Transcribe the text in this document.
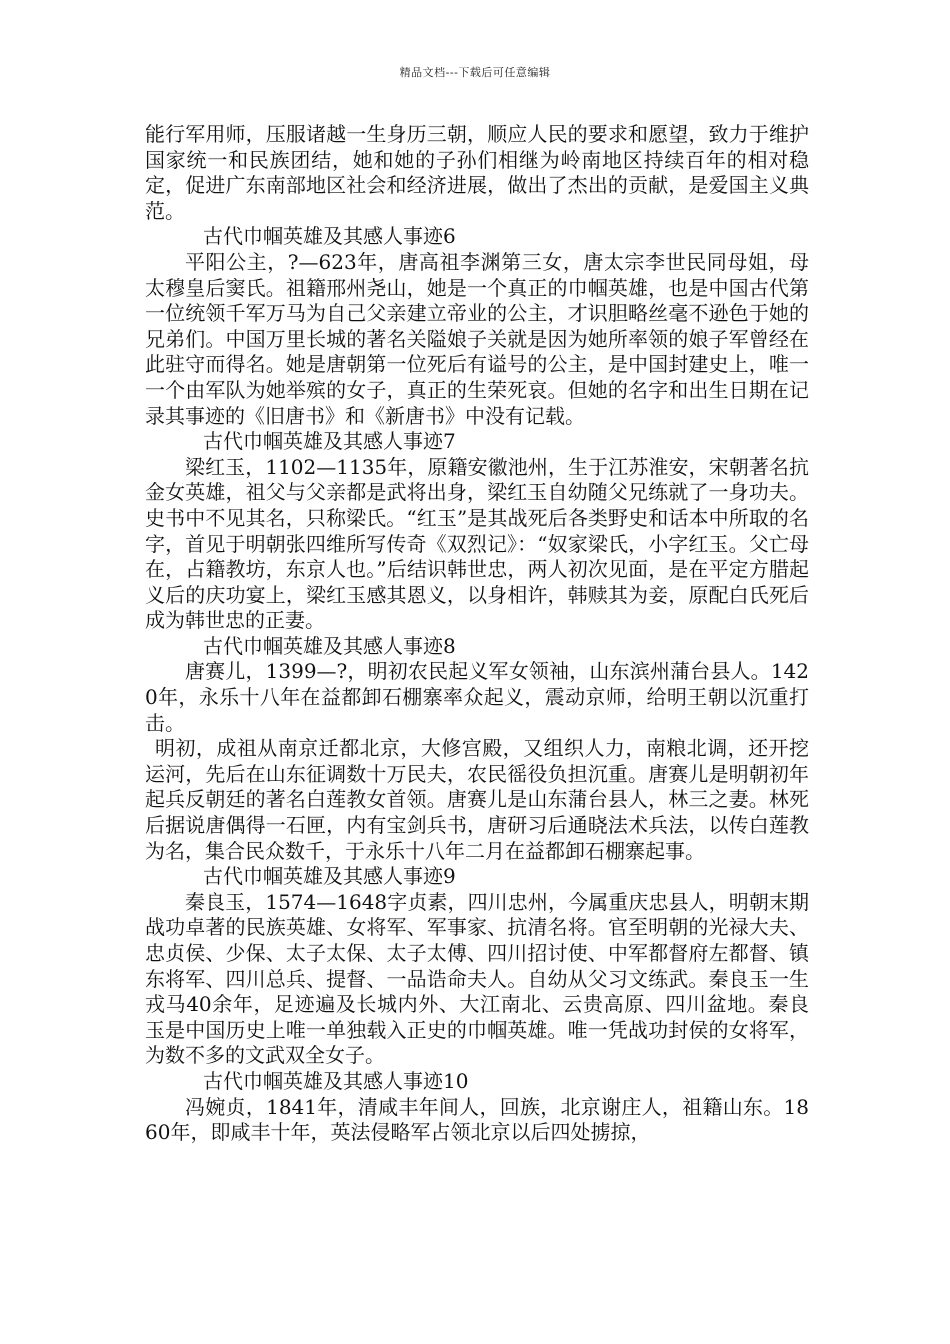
精品文档---下载后可任意编辑

能行军用师，压服诸越一生身历三朝，顺应人民的要求和愿望，致力于维护国家统一和民族团结，她和她的子孙们相继为岭南地区持续百年的相对稳定，促进广东南部地区社会和经济进展，做出了杰出的贡献，是爱国主义典范。

古代巾帼英雄及其感人事迹6

平阳公主，?—623年，唐高祖李渊第三女，唐太宗李世民同母姐，母太穆皇后窦氏。祖籍邢州尧山，她是一个真正的巾帼英雄，也是中国古代第一位统领千军万马为自己父亲建立帝业的公主，才识胆略丝毫不逊色于她的兄弟们。中国万里长城的著名关隘娘子关就是因为她所率领的娘子军曾经在此驻守而得名。她是唐朝第一位死后有谥号的公主，是中国封建史上，唯一一个由军队为她举殡的女子，真正的生荣死哀。但她的名字和出生日期在记录其事迹的《旧唐书》和《新唐书》中没有记载。

古代巾帼英雄及其感人事迹7

梁红玉，1102—1135年，原籍安徽池州，生于江苏淮安，宋朝著名抗金女英雄，祖父与父亲都是武将出身，梁红玉自幼随父兄练就了一身功夫。史书中不见其名，只称梁氏。“红玉”是其战死后各类野史和话本中所取的名字，首见于明朝张四维所写传奇《双烈记》：“奴家梁氏，小字红玉。父亡母在，占籍教坊，东京人也。”后结识韩世忠，两人初次见面，是在平定方腊起义后的庆功宴上，梁红玉感其恩义，以身相许，韩赎其为妾，原配白氏死后成为韩世忠的正妻。

古代巾帼英雄及其感人事迹8

唐赛儿，1399—?，明初农民起义军女领袖，山东滨州蒲台县人。1420年，永乐十八年在益都卸石棚寨率众起义，震动京师，给明王朝以沉重打击。

明初，成祖从南京迁都北京，大修宫殿，又组织人力，南粮北调，还开挖运河，先后在山东征调数十万民夫，农民徭役负担沉重。唐赛儿是明朝初年起兵反朝廷的著名白莲教女首领。唐赛儿是山东蒲台县人，林三之妻。林死后据说唐偶得一石匣，内有宝剑兵书，唐研习后通晓法术兵法，以传白莲教为名，集合民众数千，于永乐十八年二月在益都卸石棚寨起事。

古代巾帼英雄及其感人事迹9

秦良玉，1574—1648字贞素，四川忠州，今属重庆忠县人，明朝末期战功卓著的民族英雄、女将军、军事家、抗清名将。官至明朝的光禄大夫、忠贞侯、少保、太子太保、太子太傅、四川招讨使、中军都督府左都督、镇东将军、四川总兵、提督、一品诰命夫人。自幼从父习文练武。秦良玉一生戎马40余年，足迹遍及长城内外、大江南北、云贵高原、四川盆地。秦良玉是中国历史上唯一单独载入正史的巾帼英雄。唯一凭战功封侯的女将军，为数不多的文武双全女子。

古代巾帼英雄及其感人事迹10

冯婉贞，1841年，清咸丰年间人，回族，北京谢庄人，祖籍山东。1860年，即咸丰十年，英法侵略军占领北京以后四处掳掠，
